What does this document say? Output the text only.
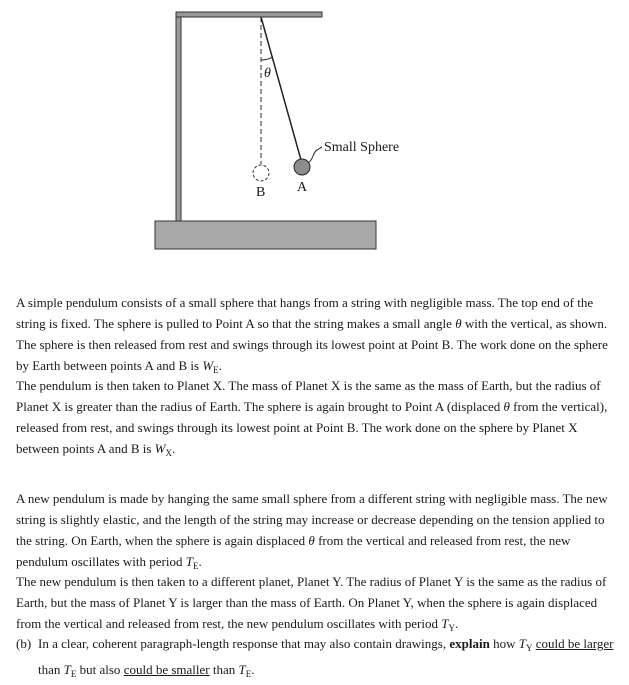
θ
Small Sphere
A
B

A simple pendulum consists of a small sphere that hangs from a string with negligible mass. The top end of the string is fixed. The sphere is pulled to Point A so that the string makes a small angle θ with the vertical, as shown. The sphere is then released from rest and swings through its lowest point at Point B. The work done on the sphere by Earth between points A and B is $W_E$.

The pendulum is then taken to Planet X. The mass of Planet X is the same as the mass of Earth, but the radius of Planet X is greater than the radius of Earth. The sphere is again brought to Point A (displaced θ from the vertical), released from rest, and swings through its lowest point at Point B. The work done on the sphere by Planet X between points A and B is $W_X$.

A new pendulum is made by hanging the same small sphere from a different string with negligible mass. The new string is slightly elastic, and the length of the string may increase or decrease depending on the tension applied to the string. On Earth, when the sphere is again displaced θ from the vertical and released from rest, the new pendulum oscillates with period $T_E$.

The new pendulum is then taken to a different planet, Planet Y. The radius of Planet Y is the same as the radius of Earth, but the mass of Planet Y is larger than the mass of Earth. On Planet Y, when the sphere is again displaced from the vertical and released from rest, the new pendulum oscillates with period $T_Y$.

(b) In a clear, coherent paragraph-length response that may also contain drawings, explain how $T_Y$ could be larger than $T_E$ but also could be smaller than $T_E$.
